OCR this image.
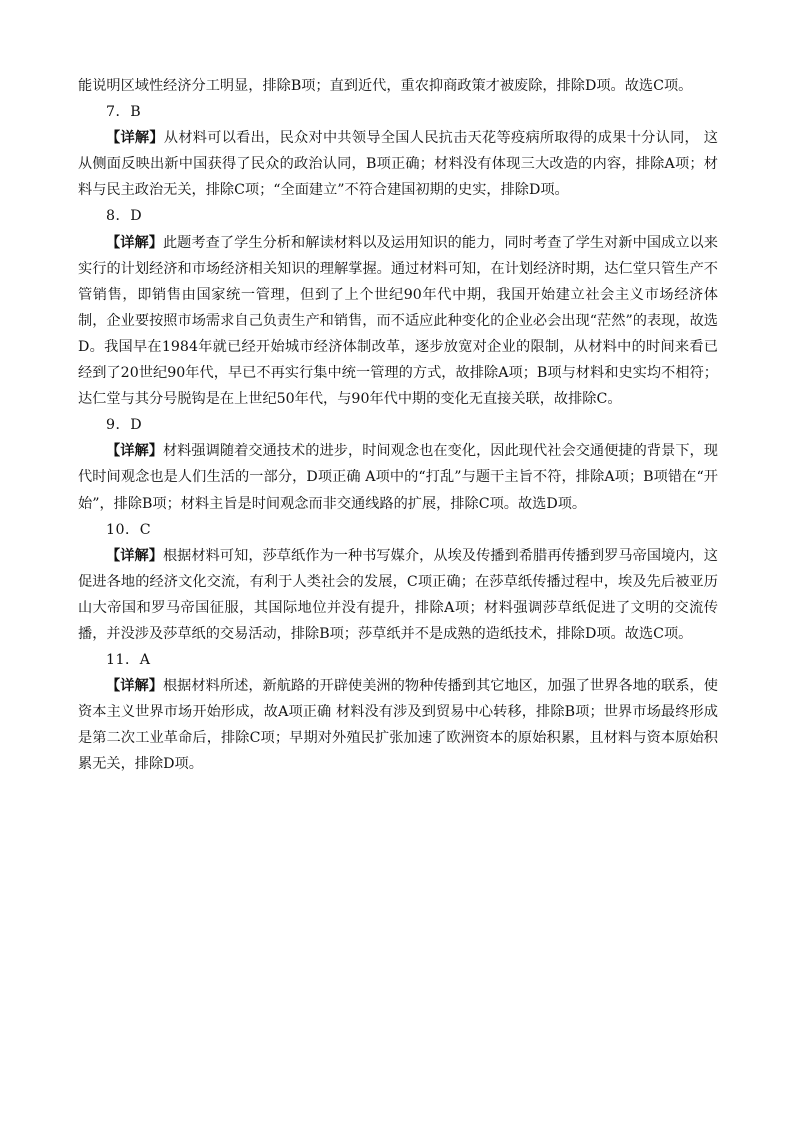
能说明区域性经济分工明显，排除B项；直到近代，重农抑商政策才被废除，排除D项。故选C项。

7．B

【详解】从材料可以看出，民众对中共领导全国人民抗击天花等疫病所取得的成果十分认同， 这从侧面反映出新中国获得了民众的政治认同，B项正确；材料没有体现三大改造的内容，排除A项；材料与民主政治无关，排除C项；“全面建立”不符合建国初期的史实，排除D项。

8．D

【详解】此题考查了学生分析和解读材料以及运用知识的能力，同时考查了学生对新中国成立以来实行的计划经济和市场经济相关知识的理解掌握。通过材料可知，在计划经济时期，达仁堂只管生产不管销售，即销售由国家统一管理，但到了上个世纪90年代中期，我国开始建立社会主义市场经济体制，企业要按照市场需求自己负责生产和销售，而不适应此种变化的企业必会出现“茫然”的表现，故选D。我国早在1984年就已经开始城市经济体制改革，逐步放宽对企业的限制，从材料中的时间来看已经到了20世纪90年代，早已不再实行集中统一管理的方式，故排除A项；B项与材料和史实均不相符；达仁堂与其分号脱钩是在上世纪50年代，与90年代中期的变化无直接关联，故排除C。

9．D

【详解】材料强调随着交通技术的进步，时间观念也在变化，因此现代社会交通便捷的背景下，现代时间观念也是人们生活的一部分，D项正确 A项中的“打乱”与题干主旨不符，排除A项；B项错在“开始”，排除B项；材料主旨是时间观念而非交通线路的扩展，排除C项。故选D项。

10．C

【详解】根据材料可知，莎草纸作为一种书写媒介，从埃及传播到希腊再传播到罗马帝国境内，这促进各地的经济文化交流，有利于人类社会的发展，C项正确；在莎草纸传播过程中，埃及先后被亚历山大帝国和罗马帝国征服，其国际地位并没有提升，排除A项；材料强调莎草纸促进了文明的交流传播，并没涉及莎草纸的交易活动，排除B项；莎草纸并不是成熟的造纸技术，排除D项。故选C项。

11．A

【详解】根据材料所述，新航路的开辟使美洲的物种传播到其它地区，加强了世界各地的联系，使资本主义世界市场开始形成，故A项正确 材料没有涉及到贸易中心转移，排除B项；世界市场最终形成是第二次工业革命后，排除C项；早期对外殖民扩张加速了欧洲资本的原始积累，且材料与资本原始积累无关，排除D项。
